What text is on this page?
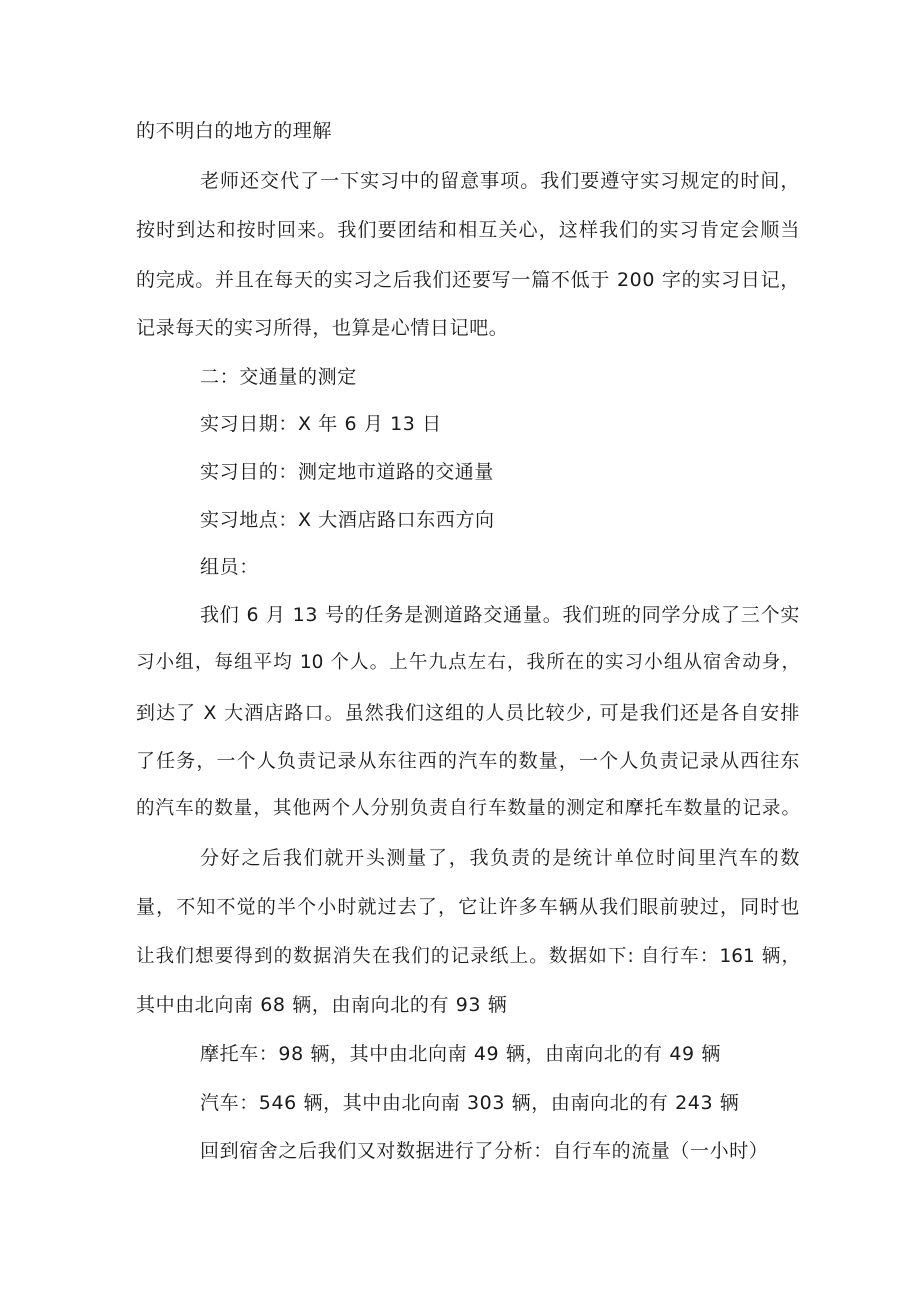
的不明白的地方的理解
老师还交代了一下实习中的留意事项。我们要遵守实习规定的时间，
按时到达和按时回来。我们要团结和相互关心，这样我们的实习肯定会顺当
的完成。并且在每天的实习之后我们还要写一篇不低于 200 字的实习日记，
记录每天的实习所得，也算是心情日记吧。
二：交通量的测定
实习日期：X 年 6 月 13 日
实习目的：测定地市道路的交通量
实习地点：X 大酒店路口东西方向
组员：
我们 6 月 13 号的任务是测道路交通量。我们班的同学分成了三个实
习小组，每组平均 10 个人。上午九点左右，我所在的实习小组从宿舍动身，
到达了 X 大酒店路口。虽然我们这组的人员比较少, 可是我们还是各自安排
了任务，一个人负责记录从东往西的汽车的数量，一个人负责记录从西往东
的汽车的数量，其他两个人分别负责自行车数量的测定和摩托车数量的记录。
分好之后我们就开头测量了，我负责的是统计单位时间里汽车的数
量，不知不觉的半个小时就过去了，它让许多车辆从我们眼前驶过，同时也
让我们想要得到的数据消失在我们的记录纸上。数据如下: 自行车：161 辆，
其中由北向南 68 辆，由南向北的有 93 辆
摩托车：98 辆，其中由北向南 49 辆，由南向北的有 49 辆
汽车：546 辆，其中由北向南 303 辆，由南向北的有 243 辆
回到宿舍之后我们又对数据进行了分析：自行车的流量（一小时）
